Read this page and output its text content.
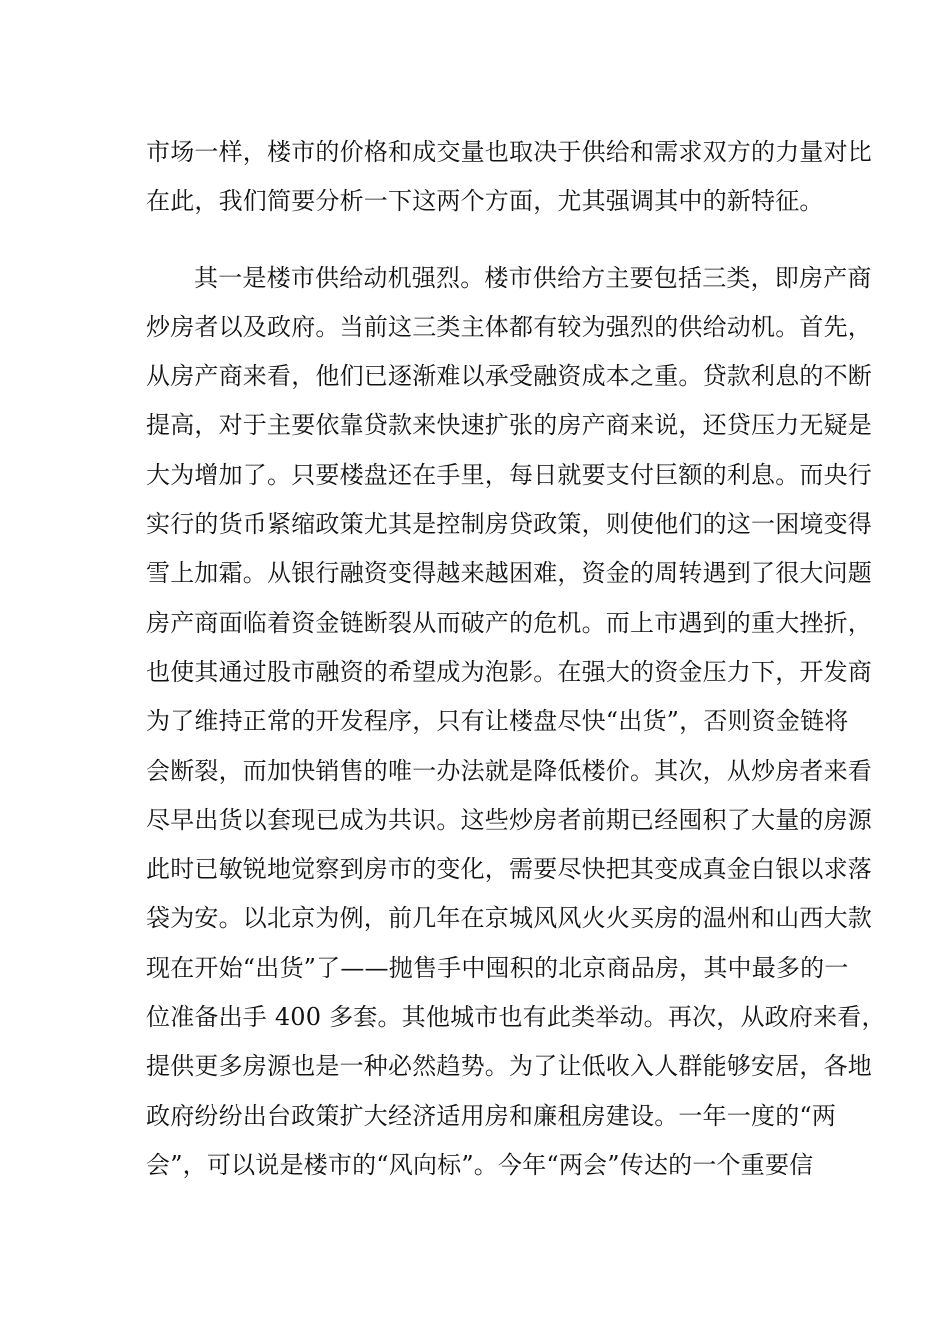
市场一样，楼市的价格和成交量也取决于供给和需求双方的力量对比
在此，我们简要分析一下这两个方面，尤其强调其中的新特征。
其一是楼市供给动机强烈。楼市供给方主要包括三类，即房产商
炒房者以及政府。当前这三类主体都有较为强烈的供给动机。首先，
从房产商来看，他们已逐渐难以承受融资成本之重。贷款利息的不断
提高，对于主要依靠贷款来快速扩张的房产商来说，还贷压力无疑是
大为增加了。只要楼盘还在手里，每日就要支付巨额的利息。而央行
实行的货币紧缩政策尤其是控制房贷政策，则使他们的这一困境变得
雪上加霜。从银行融资变得越来越困难，资金的周转遇到了很大问题
房产商面临着资金链断裂从而破产的危机。而上市遇到的重大挫折，
也使其通过股市融资的希望成为泡影。在强大的资金压力下，开发商
为了维持正常的开发程序，只有让楼盘尽快“出货”，否则资金链将
会断裂，而加快销售的唯一办法就是降低楼价。其次，从炒房者来看
尽早出货以套现已成为共识。这些炒房者前期已经囤积了大量的房源
此时已敏锐地觉察到房市的变化，需要尽快把其变成真金白银以求落
袋为安。以北京为例，前几年在京城风风火火买房的温州和山西大款
现在开始“出货”了——抛售手中囤积的北京商品房，其中最多的一
位准备出手 400 多套。其他城市也有此类举动。再次，从政府来看，
提供更多房源也是一种必然趋势。为了让低收入人群能够安居，各地
政府纷纷出台政策扩大经济适用房和廉租房建设。一年一度的“两
会”，可以说是楼市的“风向标”。今年“两会”传达的一个重要信
